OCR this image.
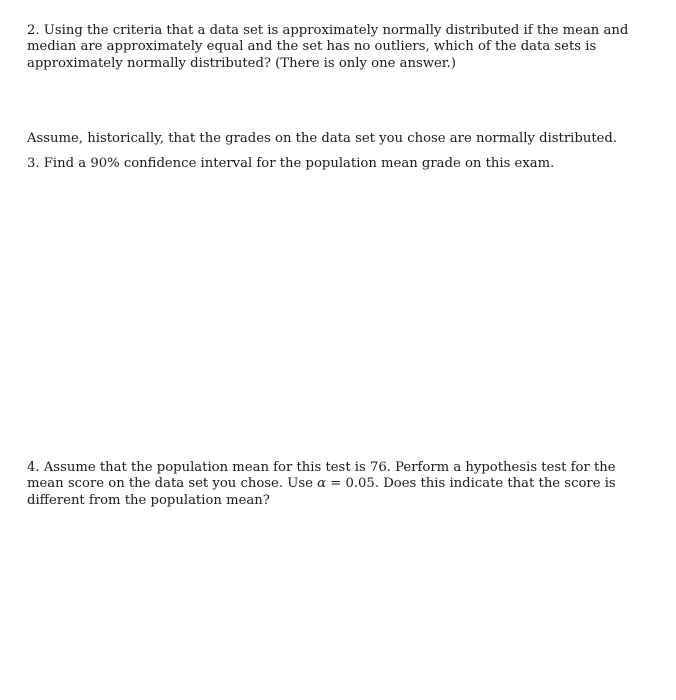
2. Using the criteria that a data set is approximately normally distributed if the mean and median are approximately equal and the set has no outliers, which of the data sets is approximately normally distributed? (There is only one answer.)

Assume, historically, that the grades on the data set you chose are normally distributed.

3. Find a 90% confidence interval for the population mean grade on this exam.

4. Assume that the population mean for this test is 76. Perform a hypothesis test for the mean score on the data set you chose. Use α = 0.05. Does this indicate that the score is different from the population mean?
